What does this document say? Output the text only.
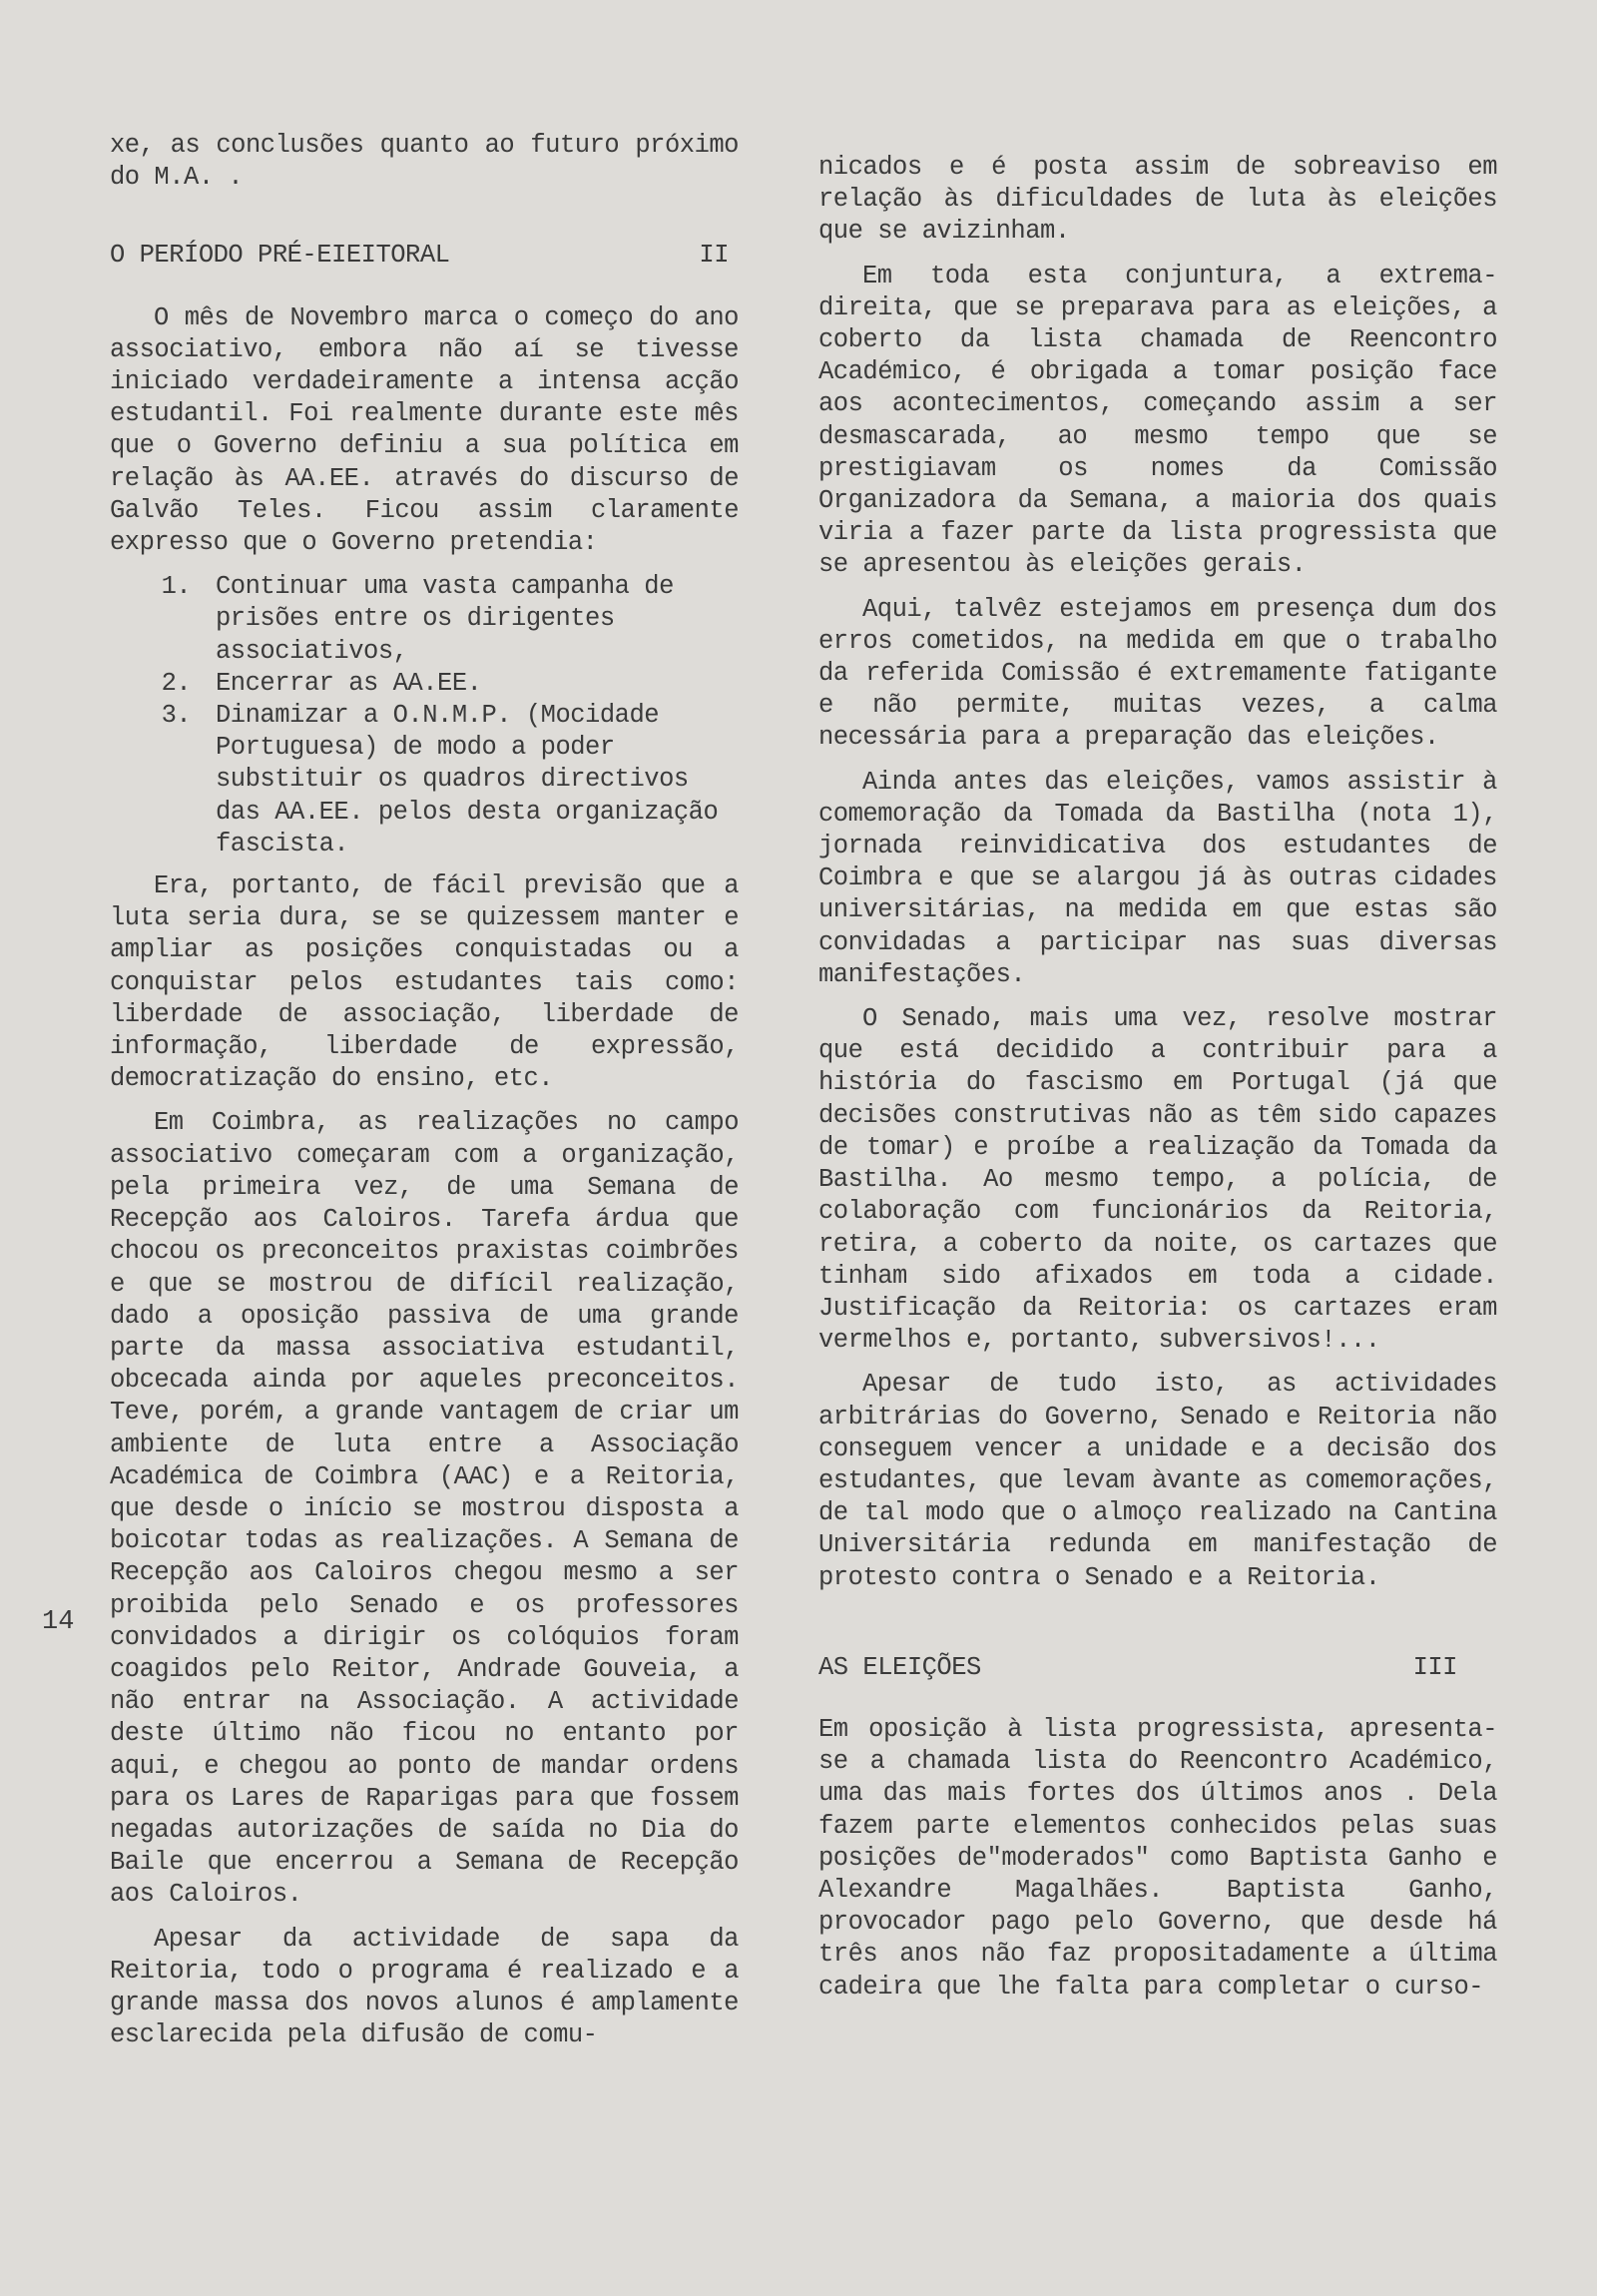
xe, as conclusões quanto ao futuro próximo do M.A. .

O PERÍODO PRÉ-EIEITORAL	II

O mês de Novembro marca o começo do ano associativo, embora não aí se tivesse iniciado verdadeiramente a intensa acção estudantil. Foi realmente durante este mês que o Governo definiu a sua política em relação às AA.EE. através do discurso de Galvão Teles. Ficou assim claramente expresso que o Governo pretendia:

1. Continuar uma vasta campanha de prisões entre os dirigentes associativos,
2. Encerrar as AA.EE.
3. Dinamizar a O.N.M.P. (Mocidade Portuguesa) de modo a poder substituir os quadros directivos das AA.EE. pelos desta organização fascista.

Era, portanto, de fácil previsão que a luta seria dura, se se quizessem manter e ampliar as posições conquistadas ou a conquistar pelos estudantes tais como: liberdade de associação, liberdade de informação, liberdade de expressão, democratização do ensino, etc.

Em Coimbra, as realizações no campo associativo começaram com a organização, pela primeira vez, de uma Semana de Recepção aos Caloiros. Tarefa árdua que chocou os preconceitos praxistas coimbrões e que se mostrou de difícil realização, dado a oposição passiva de uma grande parte da massa associativa estudantil, obcecada ainda por aqueles preconceitos. Teve, porém, a grande vantagem de criar um ambiente de luta entre a Associação Académica de Coimbra (AAC) e a Reitoria, que desde o início se mostrou disposta a boicotar todas as realizações. A Semana de Recepção aos Caloiros chegou mesmo a ser proibida pelo Senado e os professores convidados a dirigir os colóquios foram coagidos pelo Reitor, Andrade Gouveia, a não entrar na Associação. A actividade deste último não ficou no entanto por aqui, e chegou ao ponto de mandar ordens para os Lares de Raparigas para que fossem negadas autorizações de saída no Dia do Baile que encerrou a Semana de Recepção aos Caloiros.

Apesar da actividade de sapa da Reitoria, todo o programa é realizado e a grande massa dos novos alunos é amplamente esclarecida pela difusão de comu-

nicados e é posta assim de sobreaviso em relação às dificuldades de luta às eleições que se avizinham.

Em toda esta conjuntura, a extrema-direita, que se preparava para as eleições, a coberto da lista chamada de Reencontro Académico, é obrigada a tomar posição face aos acontecimentos, começando assim a ser desmascarada, ao mesmo tempo que se prestigiavam os nomes da Comissão Organizadora da Semana, a maioria dos quais viria a fazer parte da lista progressista que se apresentou às eleições gerais.

Aqui, talvêz estejamos em presença dum dos erros cometidos, na medida em que o trabalho da referida Comissão é extremamente fatigante e não permite, muitas vezes, a calma necessária para a preparação das eleições.

Ainda antes das eleições, vamos assistir à comemoração da Tomada da Bastilha (nota 1), jornada reinvidicativa dos estudantes de Coimbra e que se alargou já às outras cidades universitárias, na medida em que estas são convidadas a participar nas suas diversas manifestações.

O Senado, mais uma vez, resolve mostrar que está decidido a contribuir para a história do fascismo em Portugal (já que decisões construtivas não as têm sido capazes de tomar) e proíbe a realização da Tomada da Bastilha. Ao mesmo tempo, a polícia, de colaboração com funcionários da Reitoria, retira, a coberto da noite, os cartazes que tinham sido afixados em toda a cidade. Justificação da Reitoria: os cartazes eram vermelhos e, portanto, subversivos!...

Apesar de tudo isto, as actividades arbitrárias do Governo, Senado e Reitoria não conseguem vencer a unidade e a decisão dos estudantes, que levam àvante as comemorações, de tal modo que o almoço realizado na Cantina Universitária redunda em manifestação de protesto contra o Senado e a Reitoria.

AS ELEIÇÕES	III

Em oposição à lista progressista, apresenta-se a chamada lista do Reencontro Académico, uma das mais fortes dos últimos anos . Dela fazem parte elementos conhecidos pelas suas posições de"moderados" como Baptista Ganho e Alexandre Magalhães. Baptista Ganho, provocador pago pelo Governo, que desde há três anos não faz propositadamente a última cadeira que lhe falta para completar o curso-

14
